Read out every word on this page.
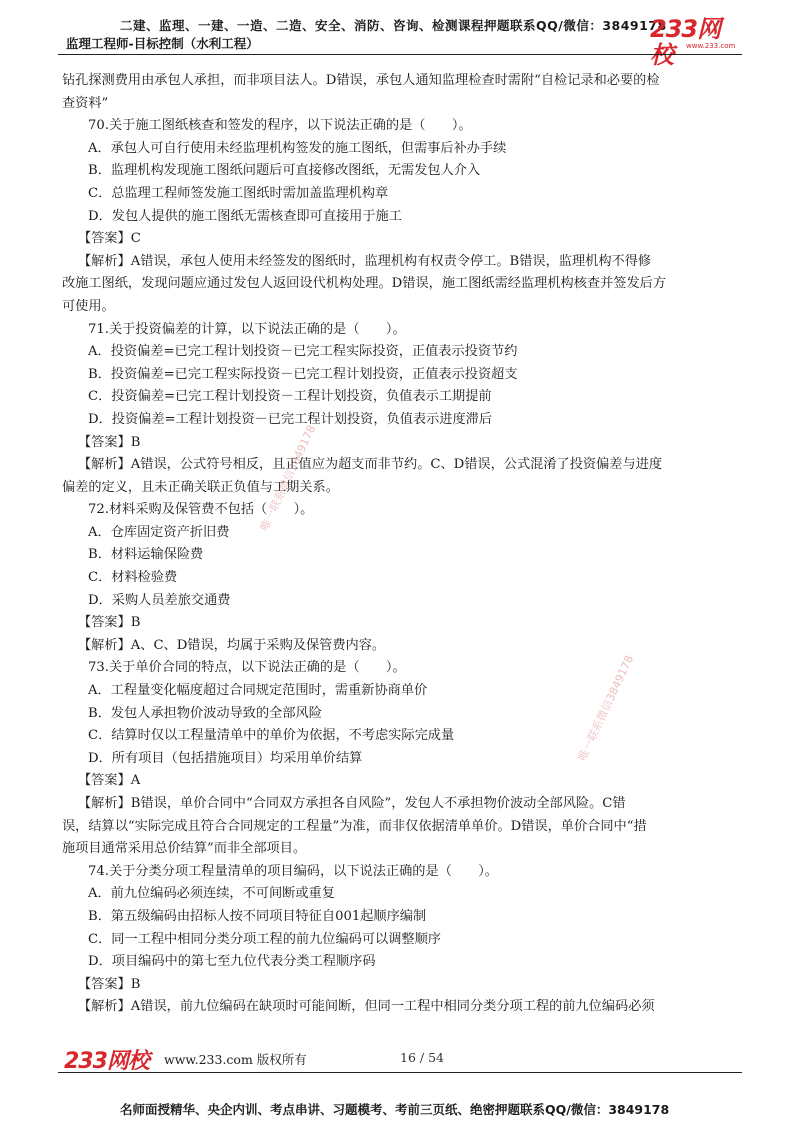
二建、监理、一建、一造、二造、安全、消防、咨询、检测课程押题联系QQ/微信：3849178
监理工程师-目标控制（水利工程）
233网校	www.233.com
唯一联系微信3849178
唯一联系微信3849178

钻孔探测费用由承包人承担，而非项目法人。D错误，承包人通知监理检查时需附“自检记录和必要的检

查资料”

70.关于施工图纸核查和签发的程序，以下说法正确的是（　　）。

A．承包人可自行使用未经监理机构签发的施工图纸，但需事后补办手续

B．监理机构发现施工图纸问题后可直接修改图纸，无需发包人介入

C．总监理工程师签发施工图纸时需加盖监理机构章

D．发包人提供的施工图纸无需核查即可直接用于施工

【答案】C

【解析】A错误，承包人使用未经签发的图纸时，监理机构有权责令停工。B错误，监理机构不得修

改施工图纸，发现问题应通过发包人返回设代机构处理。D错误，施工图纸需经监理机构核查并签发后方

可使用。

71.关于投资偏差的计算，以下说法正确的是（　　）。

A．投资偏差=已完工程计划投资－已完工程实际投资，正值表示投资节约

B．投资偏差=已完工程实际投资－已完工程计划投资，正值表示投资超支

C．投资偏差=已完工程计划投资－工程计划投资，负值表示工期提前

D．投资偏差=工程计划投资－已完工程计划投资，负值表示进度滞后

【答案】B

【解析】A错误，公式符号相反，且正值应为超支而非节约。C、D错误，公式混淆了投资偏差与进度

偏差的定义，且未正确关联正负值与工期关系。

72.材料采购及保管费不包括（　　）。

A．仓库固定资产折旧费

B．材料运输保险费

C．材料检验费

D．采购人员差旅交通费

【答案】B

【解析】A、C、D错误，均属于采购及保管费内容。

73.关于单价合同的特点，以下说法正确的是（　　）。

A．工程量变化幅度超过合同规定范围时，需重新协商单价

B．发包人承担物价波动导致的全部风险

C．结算时仅以工程量清单中的单价为依据，不考虑实际完成量

D．所有项目（包括措施项目）均采用单价结算

【答案】A

【解析】B错误，单价合同中“合同双方承担各自风险”，发包人不承担物价波动全部风险。C错

误，结算以“实际完成且符合合同规定的工程量”为准，而非仅依据清单单价。D错误，单价合同中“措

施项目通常采用总价结算”而非全部项目。

74.关于分类分项工程量清单的项目编码，以下说法正确的是（　　）。

A．前九位编码必须连续，不可间断或重复

B．第五级编码由招标人按不同项目特征自001起顺序编制

C．同一工程中相同分类分项工程的前九位编码可以调整顺序

D．项目编码中的第七至九位代表分类工程顺序码

【答案】B

【解析】A错误，前九位编码在缺项时可能间断，但同一工程中相同分类分项工程的前九位编码必须

233网校 www.233.com 版权所有	16 / 54
名师面授精华、央企内训、考点串讲、习题模考、考前三页纸、绝密押题联系QQ/微信：3849178
